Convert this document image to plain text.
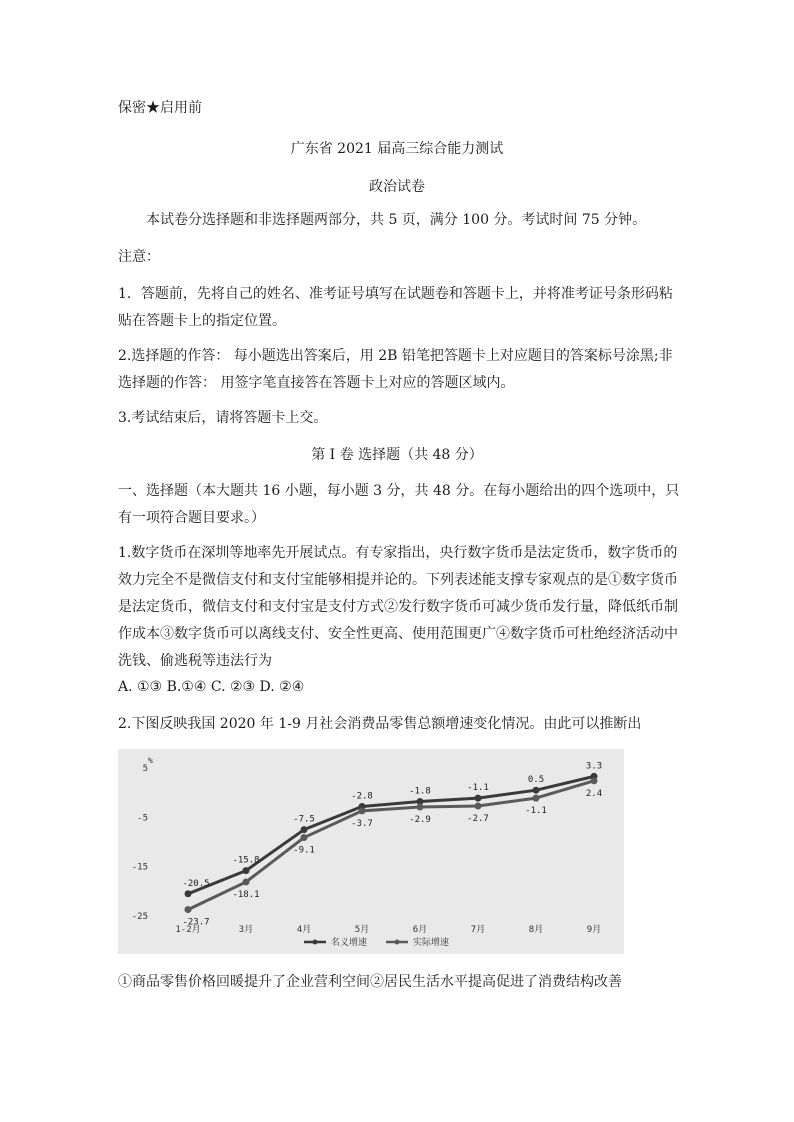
保密★启用前
广东省 2021 届高三综合能力测试
政治试卷
本试卷分选择题和非选择题两部分，共 5 页，满分 100 分。考试时间 75 分钟。
注意：
1．答题前，先将自己的姓名、准考证号填写在试题卷和答题卡上，并将准考证号条形码粘贴在答题卡上的指定位置。
2.选择题的作答： 每小题选出答案后，用 2B 铅笔把答题卡上对应题目的答案标号涂黑;非选择题的作答： 用签字笔直接答在答题卡上对应的答题区域内。
3.考试结束后，请将答题卡上交。
第 I 卷 选择题（共 48 分）
一、选择题（本大题共 16 小题，每小题 3 分，共 48 分。在每小题给出的四个选项中，只有一项符合题目要求。）
1.数字货币在深圳等地率先开展试点。有专家指出，央行数字货币是法定货币，数字货币的效力完全不是微信支付和支付宝能够相提并论的。下列表述能支撑专家观点的是①数字货币是法定货币，微信支付和支付宝是支付方式②发行数字货币可减少货币发行量，降低纸币制作成本③数字货币可以离线支付、安全性更高、使用范围更广④数字货币可杜绝经济活动中洗钱、偷逃税等违法行为
A. ①③ B.①④ C. ②③ D. ②④
2.下图反映我国 2020 年 1-9 月社会消费品零售总额增速变化情况。由此可以推断出
%
5
-5
-15
-25
1-2月	3月	4月	5月	6月	7月	8月	9月
-20.5
-15.8
-7.5
-2.8	-1.8	-1.1
0.5
3.3
-23.7
-18.1
-9.1
-3.7	-2.9	-2.7
-1.1
2.4
名义增速	实际增速
①商品零售价格回暖提升了企业营利空间②居民生活水平提高促进了消费结构改善
